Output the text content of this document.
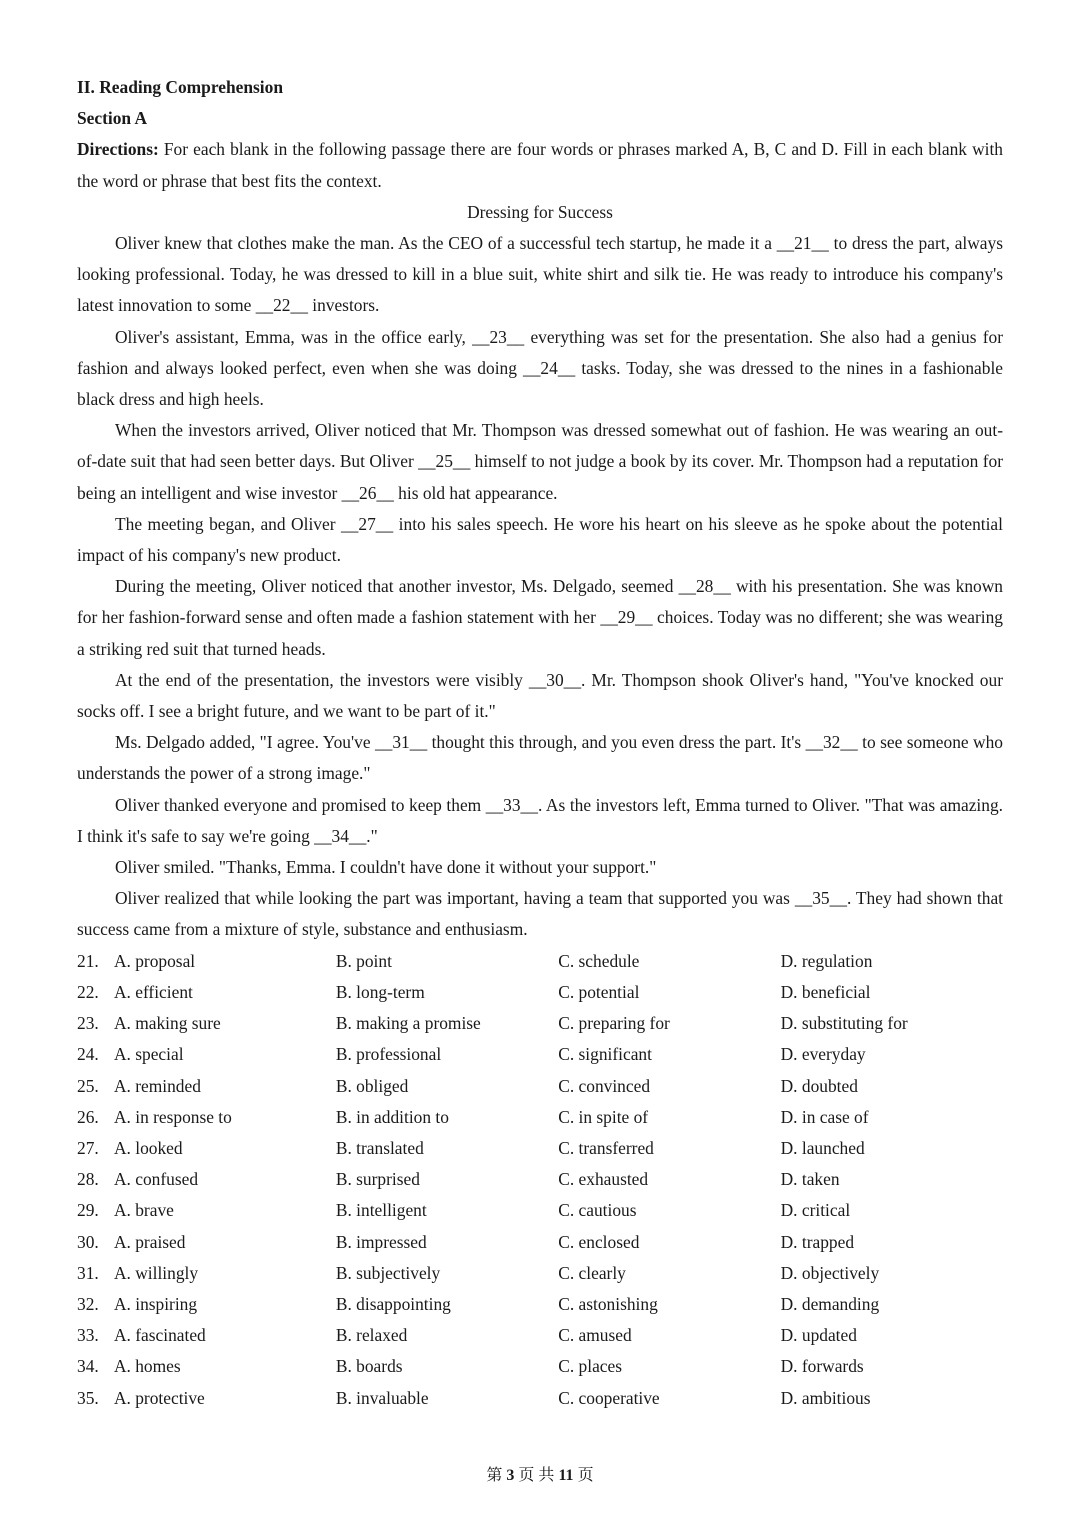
II. Reading Comprehension
Section A

Directions: For each blank in the following passage there are four words or phrases marked A, B, C and D. Fill in each blank with the word or phrase that best fits the context.

Dressing for Success

Oliver knew that clothes make the man. As the CEO of a successful tech startup, he made it a __21__ to dress the part, always looking professional. Today, he was dressed to kill in a blue suit, white shirt and silk tie. He was ready to introduce his company's latest innovation to some __22__ investors.

Oliver's assistant, Emma, was in the office early, __23__ everything was set for the presentation. She also had a genius for fashion and always looked perfect, even when she was doing __24__ tasks. Today, she was dressed to the nines in a fashionable black dress and high heels.

When the investors arrived, Oliver noticed that Mr. Thompson was dressed somewhat out of fashion. He was wearing an out-of-date suit that had seen better days. But Oliver __25__ himself to not judge a book by its cover. Mr. Thompson had a reputation for being an intelligent and wise investor __26__ his old hat appearance.

The meeting began, and Oliver __27__ into his sales speech. He wore his heart on his sleeve as he spoke about the potential impact of his company's new product.

During the meeting, Oliver noticed that another investor, Ms. Delgado, seemed __28__ with his presentation. She was known for her fashion-forward sense and often made a fashion statement with her __29__ choices. Today was no different; she was wearing a striking red suit that turned heads.

At the end of the presentation, the investors were visibly __30__. Mr. Thompson shook Oliver's hand, "You've knocked our socks off. I see a bright future, and we want to be part of it."

Ms. Delgado added, "I agree. You've __31__ thought this through, and you even dress the part. It's __32__ to see someone who understands the power of a strong image."

Oliver thanked everyone and promised to keep them __33__. As the investors left, Emma turned to Oliver. "That was amazing. I think it's safe to say we're going __34__."

Oliver smiled. "Thanks, Emma. I couldn't have done it without your support."

Oliver realized that while looking the part was important, having a team that supported you was __35__. They had shown that success came from a mixture of style, substance and enthusiasm.

21. A. proposal	B. point	C. schedule	D. regulation
22. A. efficient	B. long-term	C. potential	D. beneficial
23. A. making sure	B. making a promise	C. preparing for	D. substituting for
24. A. special	B. professional	C. significant	D. everyday
25. A. reminded	B. obliged	C. convinced	D. doubted
26. A. in response to	B. in addition to	C. in spite of	D. in case of
27. A. looked	B. translated	C. transferred	D. launched
28. A. confused	B. surprised	C. exhausted	D. taken
29. A. brave	B. intelligent	C. cautious	D. critical
30. A. praised	B. impressed	C. enclosed	D. trapped
31. A. willingly	B. subjectively	C. clearly	D. objectively
32. A. inspiring	B. disappointing	C. astonishing	D. demanding
33. A. fascinated	B. relaxed	C. amused	D. updated
34. A. homes	B. boards	C. places	D. forwards
35. A. protective	B. invaluable	C. cooperative	D. ambitious
第 3 页 共 11 页
